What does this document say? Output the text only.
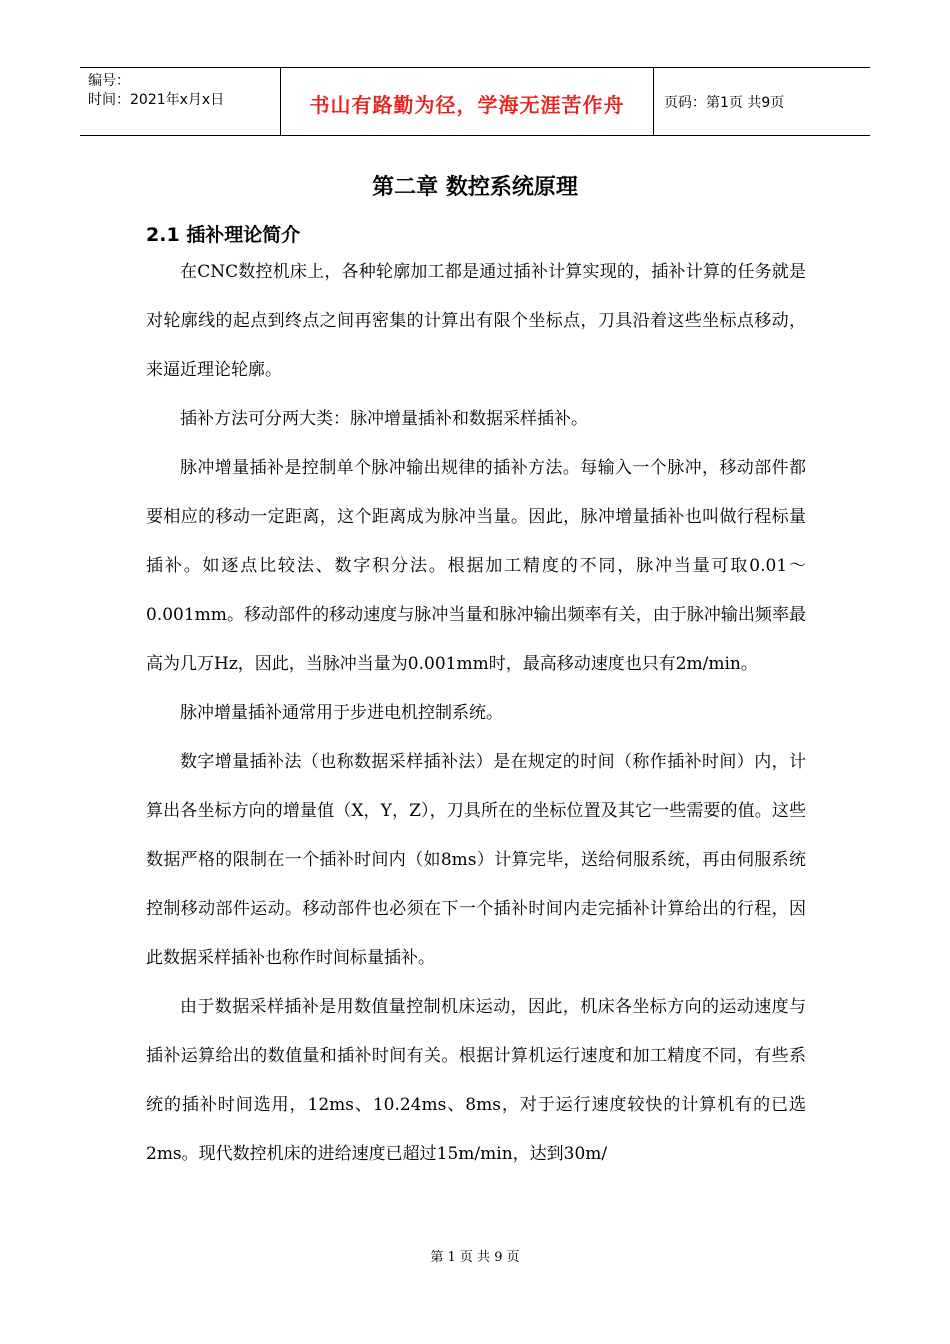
编号：
时间：2021年x月x日	书山有路勤为径，学海无涯苦作舟	页码：第1页 共9页
第二章 数控系统原理
2.1 插补理论简介

在CNC数控机床上，各种轮廓加工都是通过插补计算实现的，插补计算的任务就是对轮廓线的起点到终点之间再密集的计算出有限个坐标点，刀具沿着这些坐标点移动，来逼近理论轮廓。

插补方法可分两大类：脉冲增量插补和数据采样插补。

脉冲增量插补是控制单个脉冲输出规律的插补方法。每输入一个脉冲，移动部件都要相应的移动一定距离，这个距离成为脉冲当量。因此，脉冲增量插补也叫做行程标量插补。如逐点比较法、数字积分法。根据加工精度的不同，脉冲当量可取0.01～0.001mm。移动部件的移动速度与脉冲当量和脉冲输出频率有关，由于脉冲输出频率最高为几万Hz，因此，当脉冲当量为0.001mm时，最高移动速度也只有2m/min。

脉冲增量插补通常用于步进电机控制系统。

数字增量插补法（也称数据采样插补法）是在规定的时间（称作插补时间）内，计算出各坐标方向的增量值（X，Y，Z），刀具所在的坐标位置及其它一些需要的值。这些数据严格的限制在一个插补时间内（如8ms）计算完毕，送给伺服系统，再由伺服系统控制移动部件运动。移动部件也必须在下一个插补时间内走完插补计算给出的行程，因此数据采样插补也称作时间标量插补。

由于数据采样插补是用数值量控制机床运动，因此，机床各坐标方向的运动速度与插补运算给出的数值量和插补时间有关。根据计算机运行速度和加工精度不同，有些系统的插补时间选用，12ms、10.24ms、8ms，对于运行速度较快的计算机有的已选2ms。现代数控机床的进给速度已超过15m/min，达到30m/

第 1 页 共 9 页
